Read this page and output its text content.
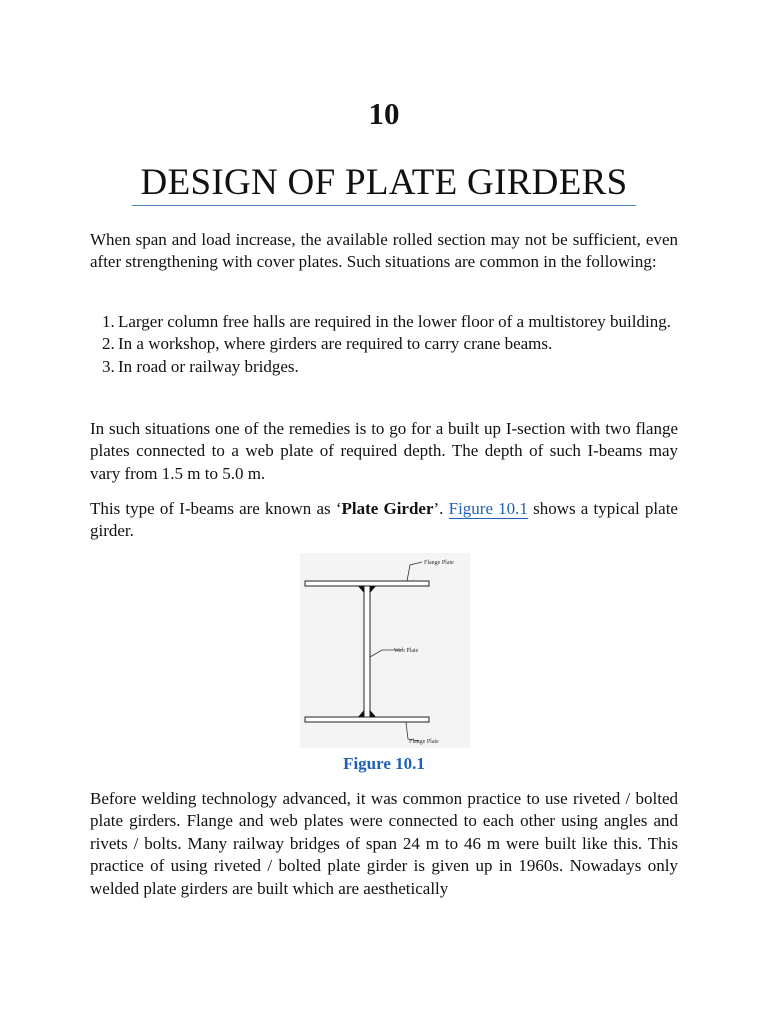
10
DESIGN OF PLATE GIRDERS

When span and load increase, the available rolled section may not be sufficient, even after strengthening with cover plates. Such situations are common in the following:

1. Larger column free halls are required in the lower floor of a multistorey building.
2. In a workshop, where girders are required to carry crane beams.
3. In road or railway bridges.

In such situations one of the remedies is to go for a built up I-section with two flange plates connected to a web plate of required depth. The depth of such I-beams may vary from 1.5 m to 5.0 m.

This type of I-beams are known as ‘Plate Girder’. Figure 10.1 shows a typical plate girder.

Flange Plate
Web Plate
Flange Plate
Figure 10.1

Before welding technology advanced, it was common practice to use riveted / bolted plate girders. Flange and web plates were connected to each other using angles and rivets / bolts. Many railway bridges of span 24 m to 46 m were built like this. This practice of using riveted / bolted plate girder is given up in 1960s. Nowadays only welded plate girders are built which are aesthetically
